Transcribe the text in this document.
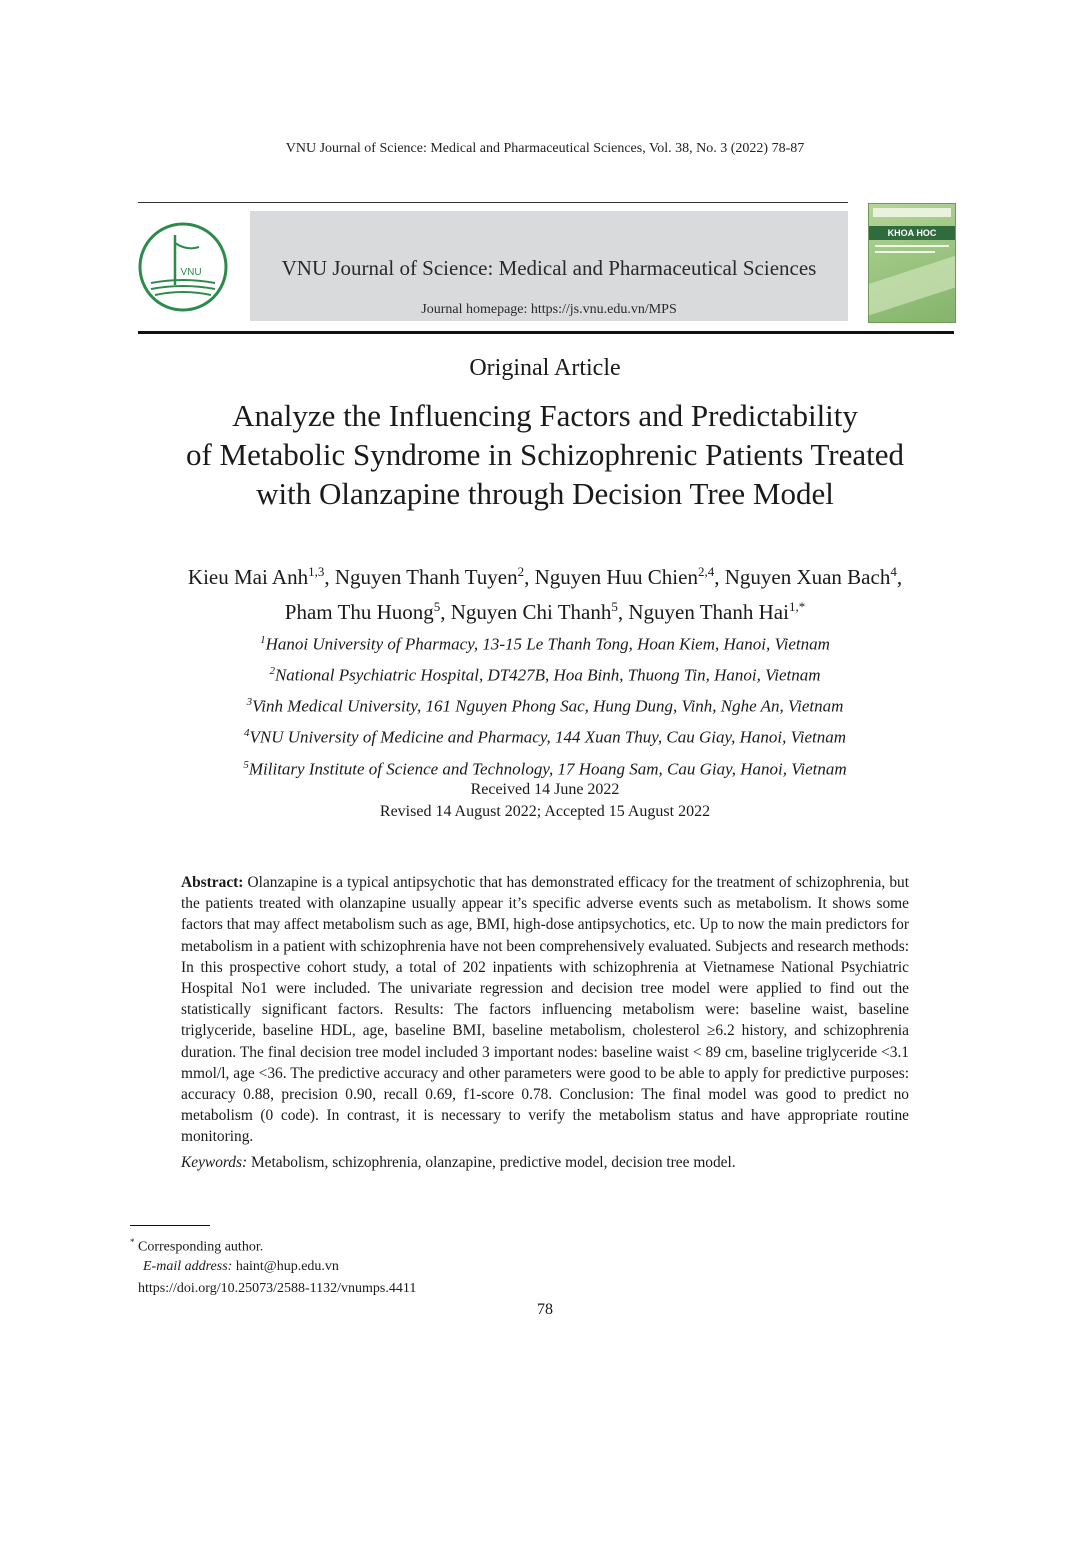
VNU Journal of Science: Medical and Pharmaceutical Sciences, Vol. 38, No. 3 (2022) 78-87
VNU	VNU Journal of Science: Medical and Pharmaceutical Sciences
Journal homepage: https://js.vnu.edu.vn/MPS
KHOA HOC
Original Article
Analyze the Influencing Factors and Predictability
of Metabolic Syndrome in Schizophrenic Patients Treated
with Olanzapine through Decision Tree Model
Kieu Mai Anh$^{1,3}$, Nguyen Thanh Tuyen$^2$, Nguyen Huu Chien$^{2,4}$, Nguyen Xuan Bach$^4$,
Pham Thu Huong$^5$, Nguyen Chi Thanh$^5$, Nguyen Thanh Hai$^{1,*}$
$^1$Hanoi University of Pharmacy, 13-15 Le Thanh Tong, Hoan Kiem, Hanoi, Vietnam
$^2$National Psychiatric Hospital, DT427B, Hoa Binh, Thuong Tin, Hanoi, Vietnam
$^3$Vinh Medical University, 161 Nguyen Phong Sac, Hung Dung, Vinh, Nghe An, Vietnam
$^4$VNU University of Medicine and Pharmacy, 144 Xuan Thuy, Cau Giay, Hanoi, Vietnam
$^5$Military Institute of Science and Technology, 17 Hoang Sam, Cau Giay, Hanoi, Vietnam
Received 14 June 2022
Revised 14 August 2022; Accepted 15 August 2022

Abstract: Olanzapine is a typical antipsychotic that has demonstrated efficacy for the treatment of schizophrenia, but the patients treated with olanzapine usually appear it’s specific adverse events such as metabolism. It shows some factors that may affect metabolism such as age, BMI, high-dose antipsychotics, etc. Up to now the main predictors for metabolism in a patient with schizophrenia have not been comprehensively evaluated. Subjects and research methods: In this prospective cohort study, a total of 202 inpatients with schizophrenia at Vietnamese National Psychiatric Hospital No1 were included. The univariate regression and decision tree model were applied to find out the statistically significant factors. Results: The factors influencing metabolism were: baseline waist, baseline triglyceride, baseline HDL, age, baseline BMI, baseline metabolism, cholesterol ≥6.2 history, and schizophrenia duration. The final decision tree model included 3 important nodes: baseline waist < 89 cm, baseline triglyceride <3.1 mmol/l, age <36. The predictive accuracy and other parameters were good to be able to apply for predictive purposes: accuracy 0.88, precision 0.90, recall 0.69, f1-score 0.78. Conclusion: The final model was good to predict no metabolism (0 code). In contrast, it is necessary to verify the metabolism status and have appropriate routine monitoring.

Keywords: Metabolism, schizophrenia, olanzapine, predictive model, decision tree model.

* Corresponding author.
E-mail address: haint@hup.edu.vn
https://doi.org/10.25073/2588-1132/vnumps.4411
78
